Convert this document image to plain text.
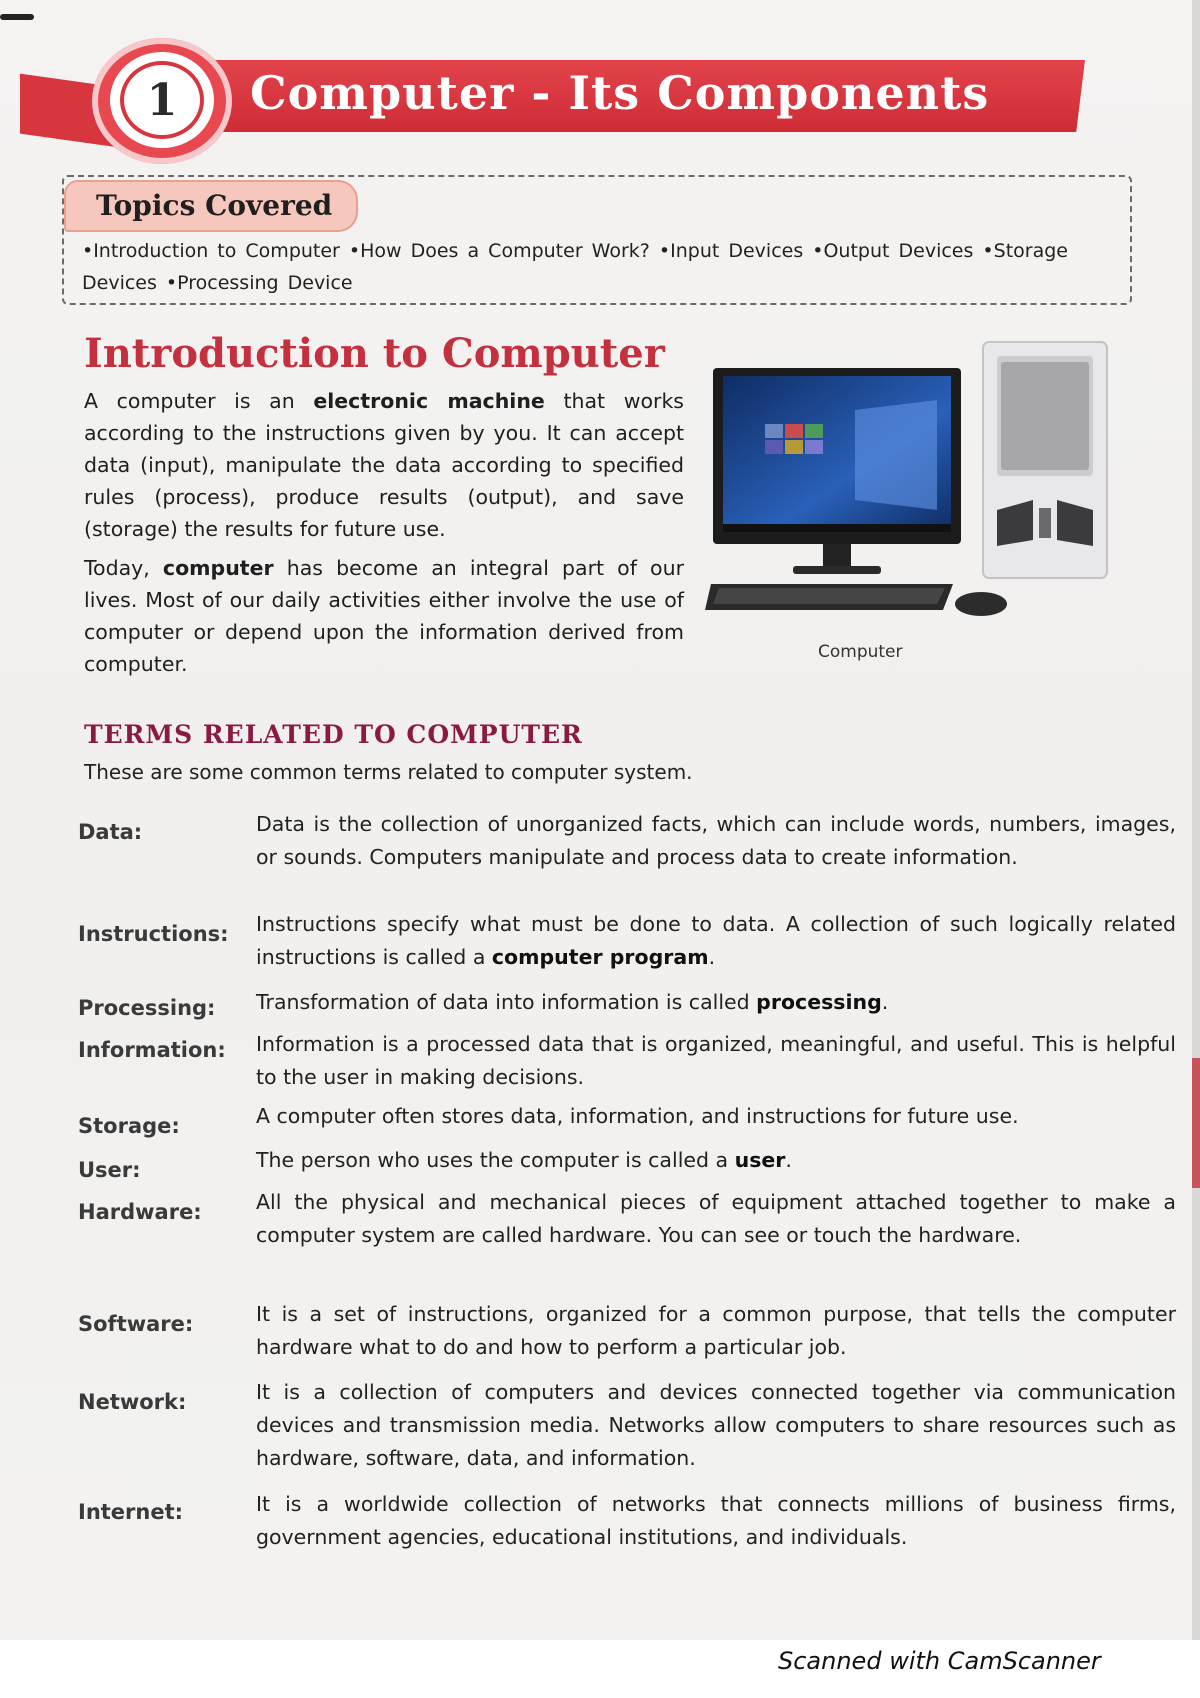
Computer - Its Components
1
Topics Covered
•Introduction to Computer •How Does a Computer Work? •Input Devices •Output Devices •Storage
Devices •Processing Device
Introduction to Computer

A computer is an electronic machine that works according to the instructions given by you. It can accept data (input), manipulate the data according to specified rules (process), produce results (output), and save (storage) the results for future use.

Today, computer has become an integral part of our lives. Most of our daily activities either involve the use of computer or depend upon the information derived from computer.	Computer
TERMS RELATED TO COMPUTER
These are some common terms related to computer system.
Data:	Data is the collection of unorganized facts, which can include words, numbers, images, or sounds. Computers manipulate and process data to create information.

Instructions: Instructions specify what must be done to data. A collection of such logically related instructions is called a computer program.

Processing: Transformation of data into information is called processing.

Information: Information is a processed data that is organized, meaningful, and useful. This is helpful to the user in making decisions.

Storage:	A computer often stores data, information, and instructions for future use.

User:	The person who uses the computer is called a user.

Hardware:	All the physical and mechanical pieces of equipment attached together to make a computer system are called hardware. You can see or touch the hardware.

Software:	It is a set of instructions, organized for a common purpose, that tells the computer hardware what to do and how to perform a particular job.

Network:	It is a collection of computers and devices connected together via communication devices and transmission media. Networks allow computers to share resources such as hardware, software, data, and information.

Internet:	It is a worldwide collection of networks that connects millions of business firms, government agencies, educational institutions, and individuals.

Scanned with CamScanner
